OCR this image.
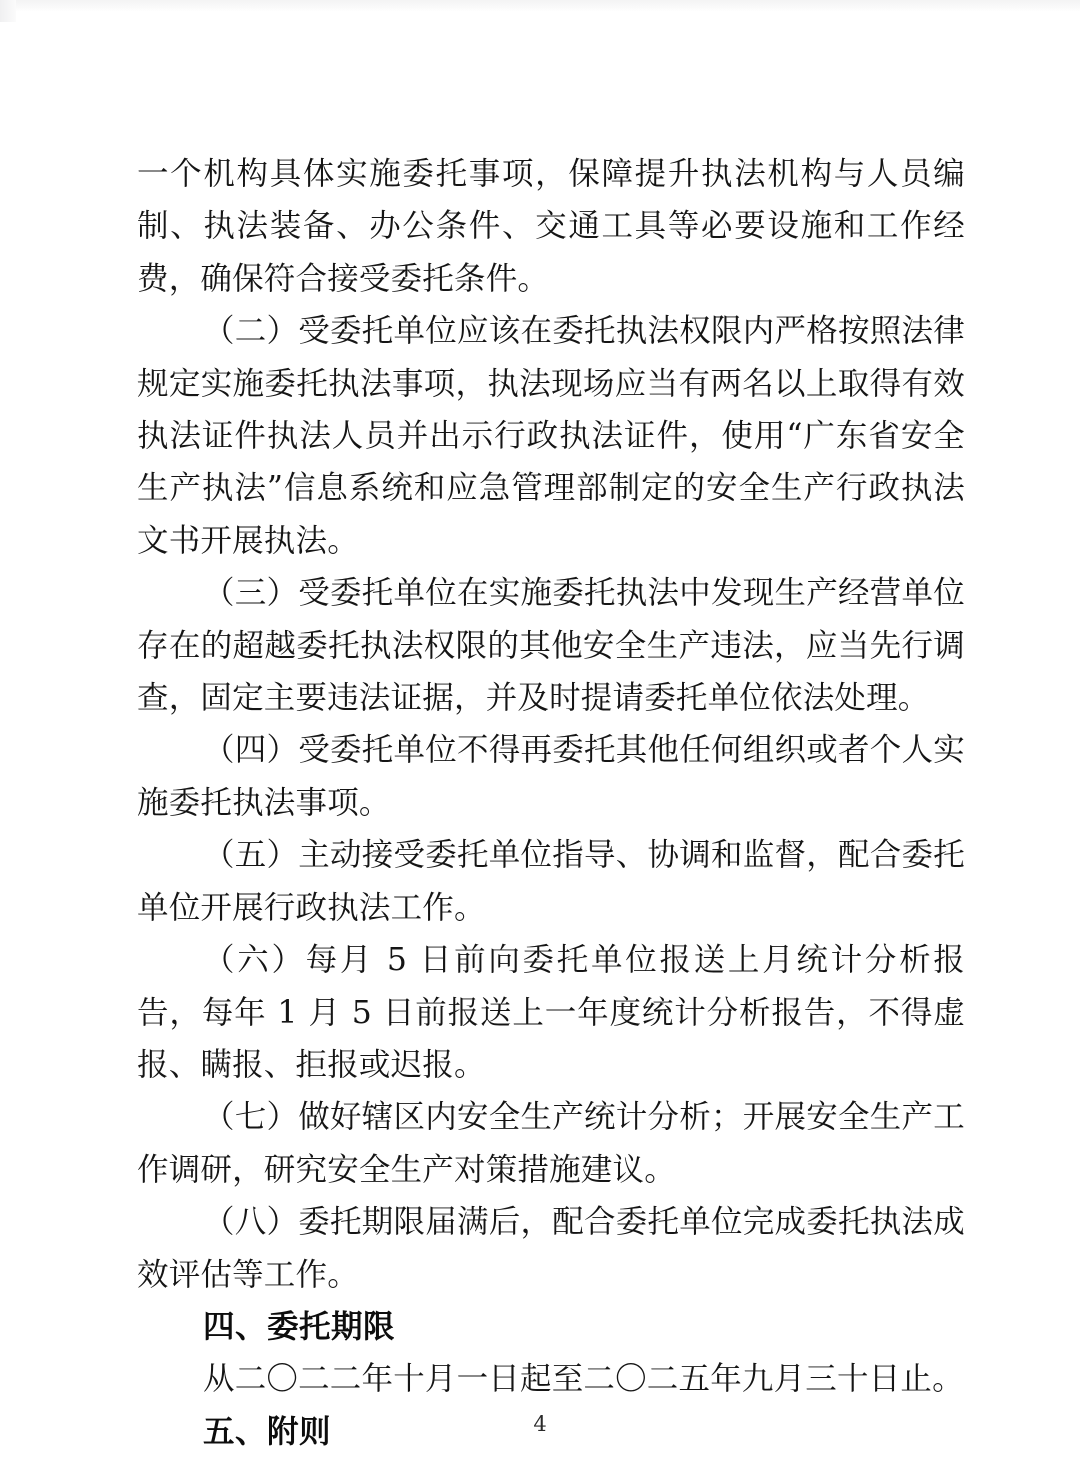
一个机构具体实施委托事项，保障提升执法机构与人员编制、执法装备、办公条件、交通工具等必要设施和工作经费，确保符合接受委托条件。

（二）受委托单位应该在委托执法权限内严格按照法律规定实施委托执法事项，执法现场应当有两名以上取得有效执法证件执法人员并出示行政执法证件，使用“广东省安全生产执法”信息系统和应急管理部制定的安全生产行政执法文书开展执法。

（三）受委托单位在实施委托执法中发现生产经营单位存在的超越委托执法权限的其他安全生产违法，应当先行调查，固定主要违法证据，并及时提请委托单位依法处理。

（四）受委托单位不得再委托其他任何组织或者个人实施委托执法事项。

（五）主动接受委托单位指导、协调和监督，配合委托单位开展行政执法工作。

（六）每月 5 日前向委托单位报送上月统计分析报告，每年 1 月 5 日前报送上一年度统计分析报告，不得虚报、瞒报、拒报或迟报。

（七）做好辖区内安全生产统计分析；开展安全生产工作调研，研究安全生产对策措施建议。

（八）委托期限届满后，配合委托单位完成委托执法成效评估等工作。

四、委托期限

从二〇二二年十月一日起至二〇二五年九月三十日止。

五、附则	4
